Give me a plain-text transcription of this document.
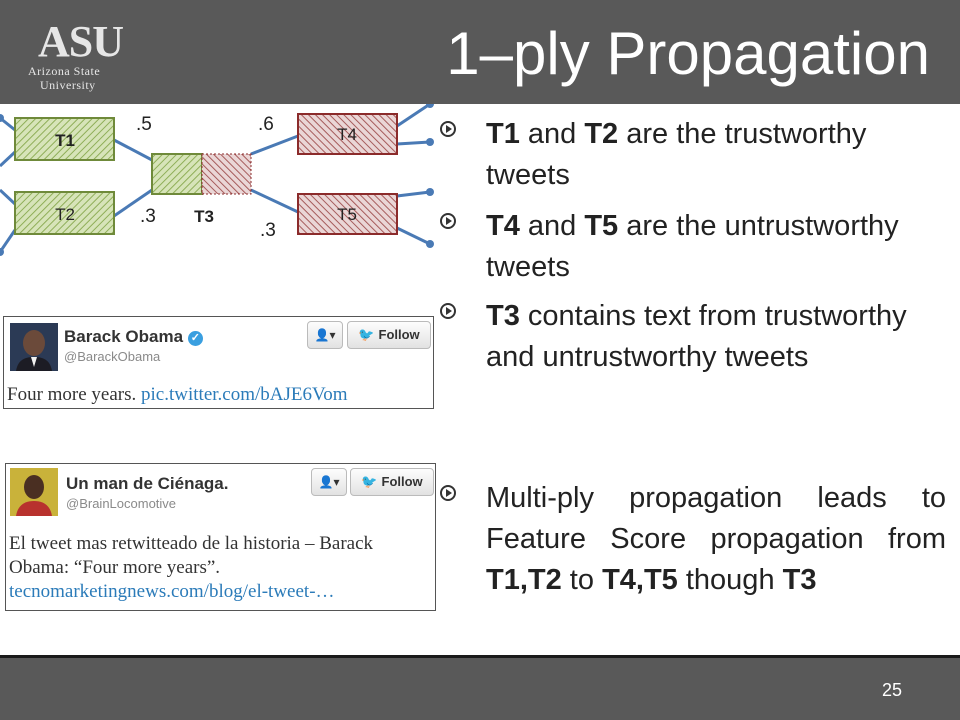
ASU
Arizona State
University	1–ply Propagation
T1
T2	T3
T4
T5
.5
.3
.6
.3
Barack Obama ✓
@BarackObama
👤▾	🐦 Follow
Four more years. pic.twitter.com/bAJE6Vom
Un man de Ciénaga.
@BrainLocomotive
👤▾	🐦 Follow
El tweet mas retwitteado de la historia – Barack Obama: “Four more years”.
tecnomarketingnews.com/blog/el-tweet-…
T1 and T2 are the trustworthy tweets
T4 and T5 are the untrustworthy tweets
T3 contains text from trustworthy and untrustworthy tweets
Multi-ply propagation leads to Feature Score propagation from T1,T2 to T4,T5 though T3
25
